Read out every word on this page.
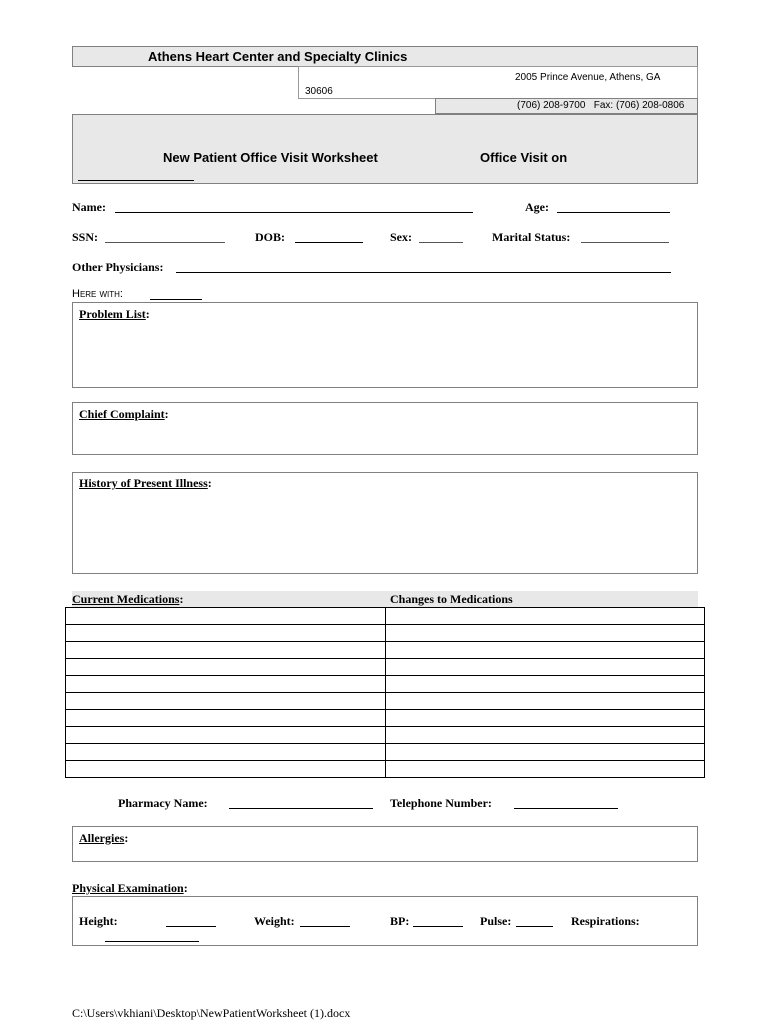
Athens Heart Center and Specialty Clinics
2005 Prince Avenue, Athens, GA
30606
(706) 208-9700   Fax: (706) 208-0806
New Patient Office Visit Worksheet	Office Visit on
Name:	Age:
SSN:	DOB:	Sex:	Marital Status:
Other Physicians:
Here with:
Problem List:
Chief Complaint:
History of Present Illness:
Current Medications:	Changes to Medications

Pharmacy Name:	Telephone Number:
Allergies:
Physical Examination:
Height:	Weight:	BP:	Pulse:	Respirations:
C:\Users\vkhiani\Desktop\NewPatientWorksheet (1).docx
